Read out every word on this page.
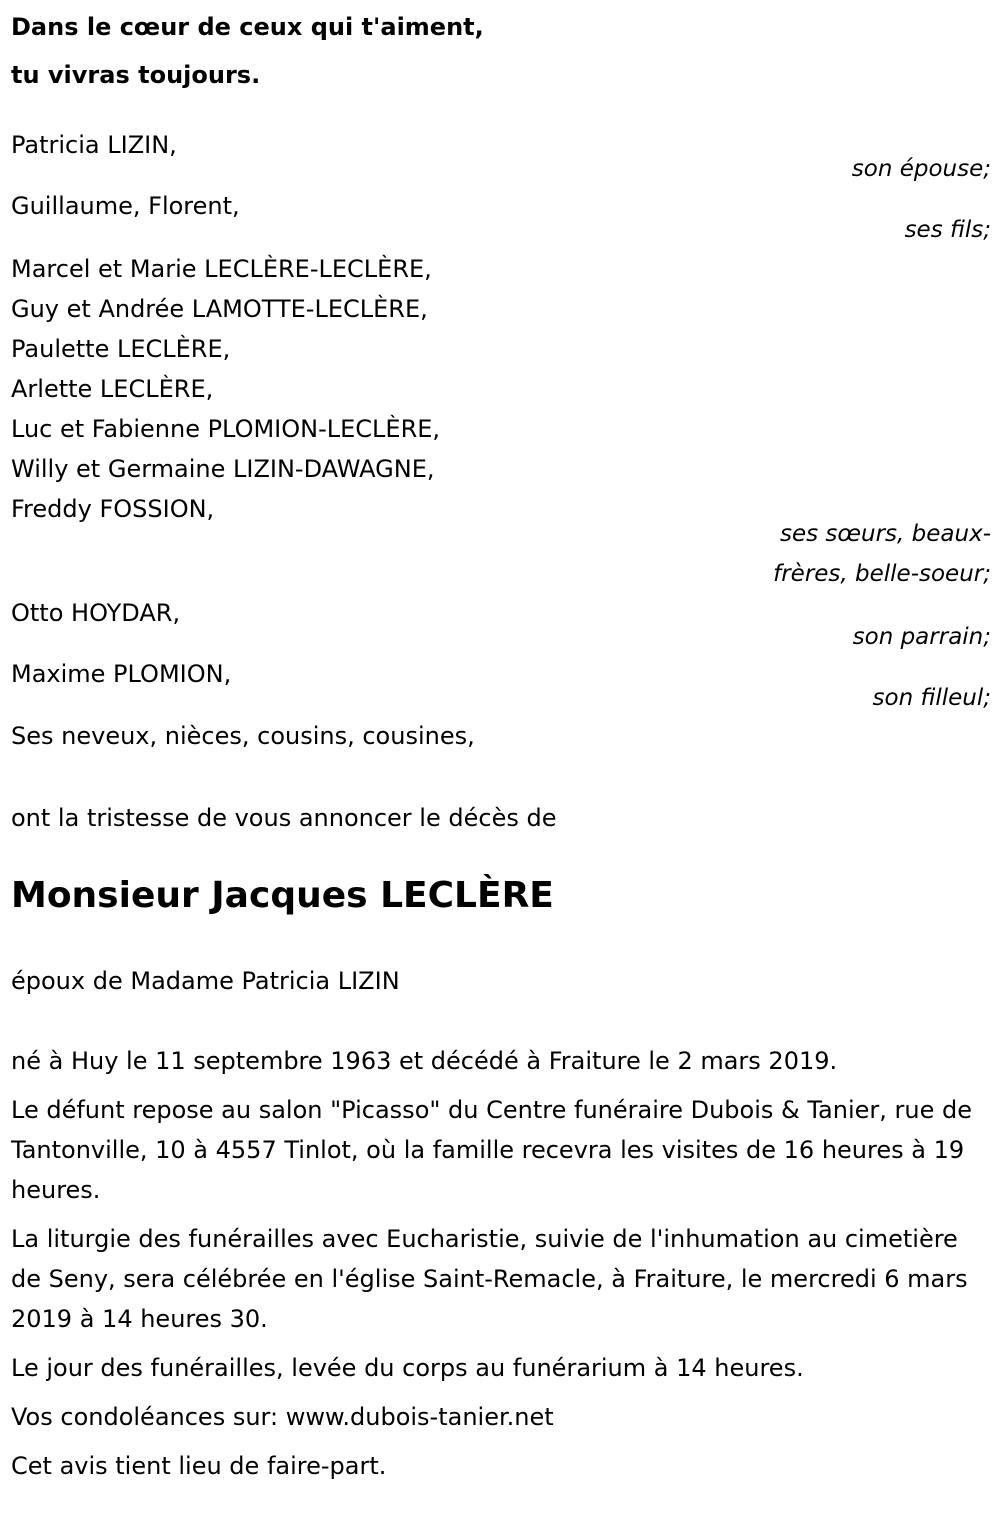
Dans le cœur de ceux qui t'aiment,
tu vivras toujours.
Patricia LIZIN,
son épouse;
Guillaume, Florent,
ses fils;
Marcel et Marie LECLÈRE-LECLÈRE,
Guy et Andrée LAMOTTE-LECLÈRE,
Paulette LECLÈRE,
Arlette LECLÈRE,
Luc et Fabienne PLOMION-LECLÈRE,
Willy et Germaine LIZIN-DAWAGNE,
Freddy FOSSION,
ses sœurs, beaux-frères, belle-soeur;
Otto HOYDAR,
son parrain;
Maxime PLOMION,
son filleul;
Ses neveux, nièces, cousins, cousines,
ont la tristesse de vous annoncer le décès de
Monsieur Jacques LECLÈRE
époux de Madame Patricia LIZIN
né à Huy le 11 septembre 1963 et décédé à Fraiture le 2 mars 2019.
Le défunt repose au salon "Picasso" du Centre funéraire Dubois & Tanier, rue de Tantonville, 10 à 4557 Tinlot, où la famille recevra les visites de 16 heures à 19 heures.
La liturgie des funérailles avec Eucharistie, suivie de l'inhumation au cimetière de Seny, sera célébrée en l'église Saint-Remacle, à Fraiture, le mercredi 6 mars 2019 à 14 heures 30.
Le jour des funérailles, levée du corps au funérarium à 14 heures.
Vos condoléances sur: www.dubois-tanier.net
Cet avis tient lieu de faire-part.
